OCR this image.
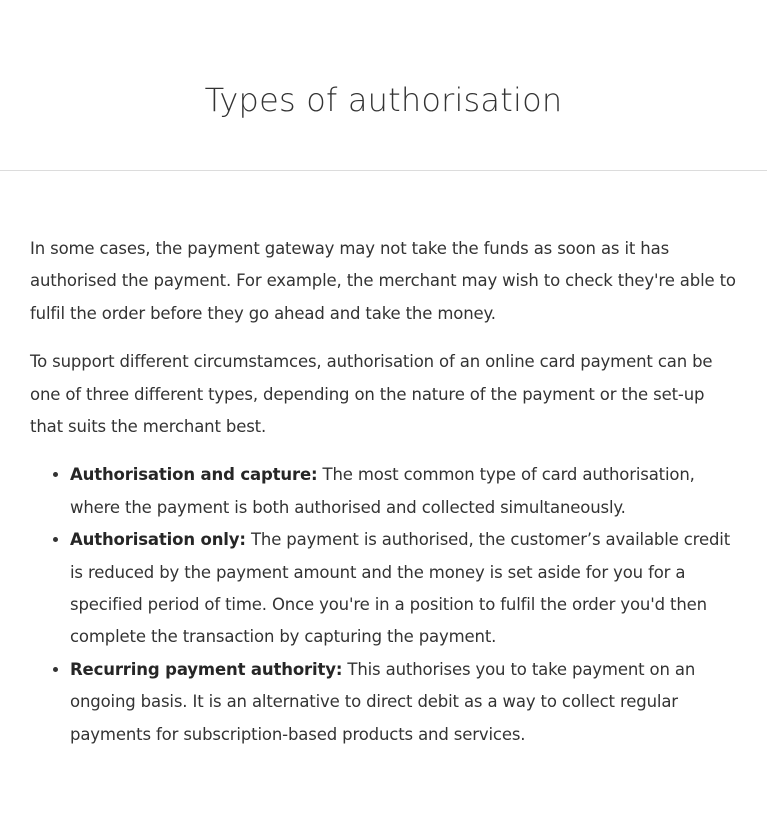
Types of authorisation

In some cases, the payment gateway may not take the funds as soon as it has authorised the payment. For example, the merchant may wish to check they're able to fulfil the order before they go ahead and take the money.

To support different circumstamces, authorisation of an online card payment can be one of three different types, depending on the nature of the payment or the set-up that suits the merchant best.

• Authorisation and capture: The most common type of card authorisation, where the payment is both authorised and collected simultaneously.
• Authorisation only: The payment is authorised, the customer’s available credit is reduced by the payment amount and the money is set aside for you for a specified period of time. Once you're in a position to fulfil the order you'd then complete the transaction by capturing the payment.
• Recurring payment authority: This authorises you to take payment on an ongoing basis. It is an alternative to direct debit as a way to collect regular payments for subscription-based products and services.
